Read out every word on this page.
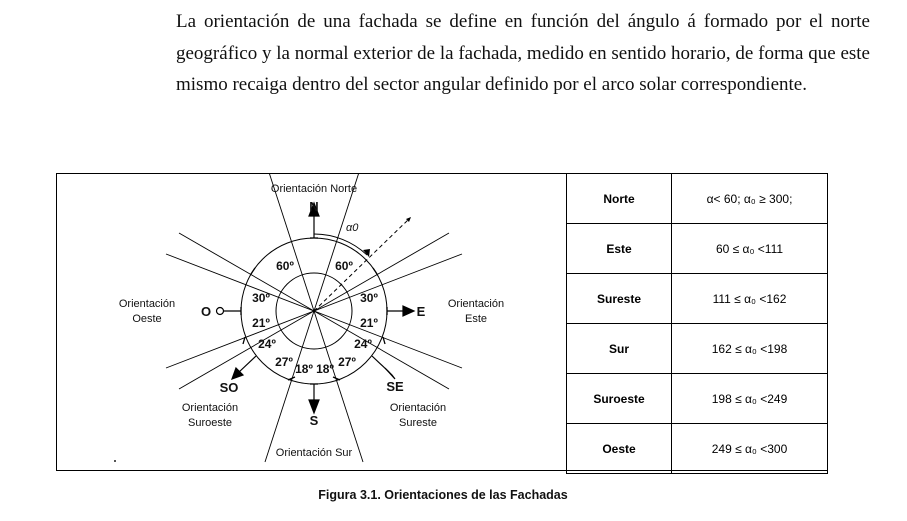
La orientación de una fachada se define en función del ángulo á formado por el norte geográfico y la normal exterior de la fachada, medido en sentido horario, de forma que este mismo recaiga dentro del sector angular definido por el arco solar correspondiente.
α0
Orientación Norte
Orientación
Oeste
Orientación
Este
Orientación
Suroeste
Orientación
Sureste
Orientación Sur
N
E
O
S
SO	SE
60º	60º
30º	30º
21º	21º
24º	24º
27º	27º
18º 18º
Norte	α< 60; α₀ ≥ 300;
Este	60 ≤ α₀ <111
Sureste	111 ≤ α₀ <162
Sur	162 ≤ α₀ <198
Suroeste	198 ≤ α₀ <249
Oeste	249 ≤ α₀ <300
Figura 3.1. Orientaciones de las Fachadas
